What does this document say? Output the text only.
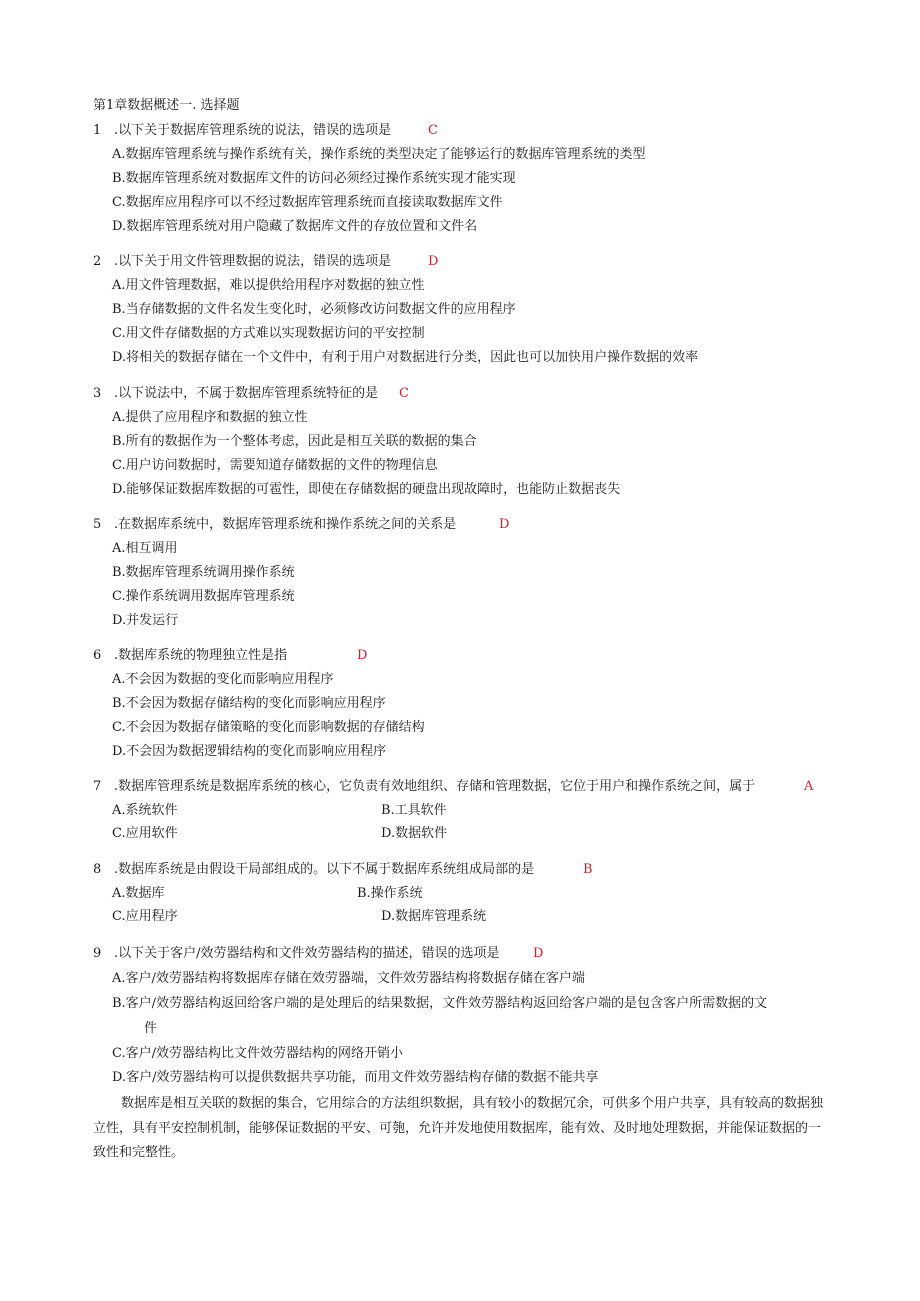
第1章数据概述一. 选择题
1 .以下关于数据库管理系统的说法，错误的选项是	C
A.数据库管理系统与操作系统有关，操作系统的类型决定了能够运行的数据库管理系统的类型
B.数据库管理系统对数据库文件的访问必须经过操作系统实现才能实现
C.数据库应用程序可以不经过数据库管理系统而直接读取数据库文件
D.数据库管理系统对用户隐藏了数据库文件的存放位置和文件名
2 .以下关于用文件管理数据的说法，错误的选项是	D
A.用文件管理数据，难以提供给用程序对数据的独立性
B.当存储数据的文件名发生变化时，必须修改访问数据文件的应用程序
C.用文件存储数据的方式难以实现数据访问的平安控制
D.将相关的数据存储在一个文件中，有利于用户对数据进行分类，因此也可以加快用户操作数据的效率
3 .以下说法中，不属于数据库管理系统特征的是 C
A.提供了应用程序和数据的独立性
B.所有的数据作为一个整体考虑，因此是相互关联的数据的集合
C.用户访问数据时，需要知道存储数据的文件的物理信息
D.能够保证数据库数据的可雹性，即使在存储数据的硬盘出现故障时，也能防止数据丧失
5 .在数据库系统中，数据库管理系统和操作系统之间的关系是	D
A.相互调用
B.数据库管理系统调用操作系统
C.操作系统调用数据库管理系统
D.并发运行
6 .数据库系统的物理独立性是指	D
A.不会因为数据的变化而影响应用程序
B.不会因为数据存储结构的变化而影响应用程序
C.不会因为数据存储策略的变化而影响数据的存储结构
D.不会因为数据逻辑结构的变化而影响应用程序
7 .数据库管理系统是数据库系统的核心，它负责有效地组织、存储和管理数据，它位于用户和操作系统之间，属于	A
A.系统软件	B.工具软件
C.应用软件	D.数据软件
8 .数据库系统是由假设干局部组成的。以下不属于数据库系统组成局部的是	B
A.数据库	B.操作系统
C.应用程序	D.数据库管理系统
9 .以下关于客户/效劳器结构和文件效劳器结构的描述，错误的选项是	D
A.客户/效劳器结构将数据库存储在效劳器端，文件效劳器结构将数据存储在客户端
B.客户/效劳器结构返回给客户端的是处理后的结果数据，文件效劳器结构返回给客户端的是包含客户所需数据的文
件
C.客户/效劳器结构比文件效劳器结构的网络开销小
D.客户/效劳器结构可以提供数据共享功能，而用文件效劳器结构存储的数据不能共享
数据库是相互关联的数据的集合，它用综合的方法组织数据，具有较小的数据冗余，可供多个用户共享，具有较高的数据独立性，具有平安控制机制，能够保证数据的平安、可匏，允许并发地使用数据库，能有效、及时地处理数据，并能保证数据的一致性和完整性。
